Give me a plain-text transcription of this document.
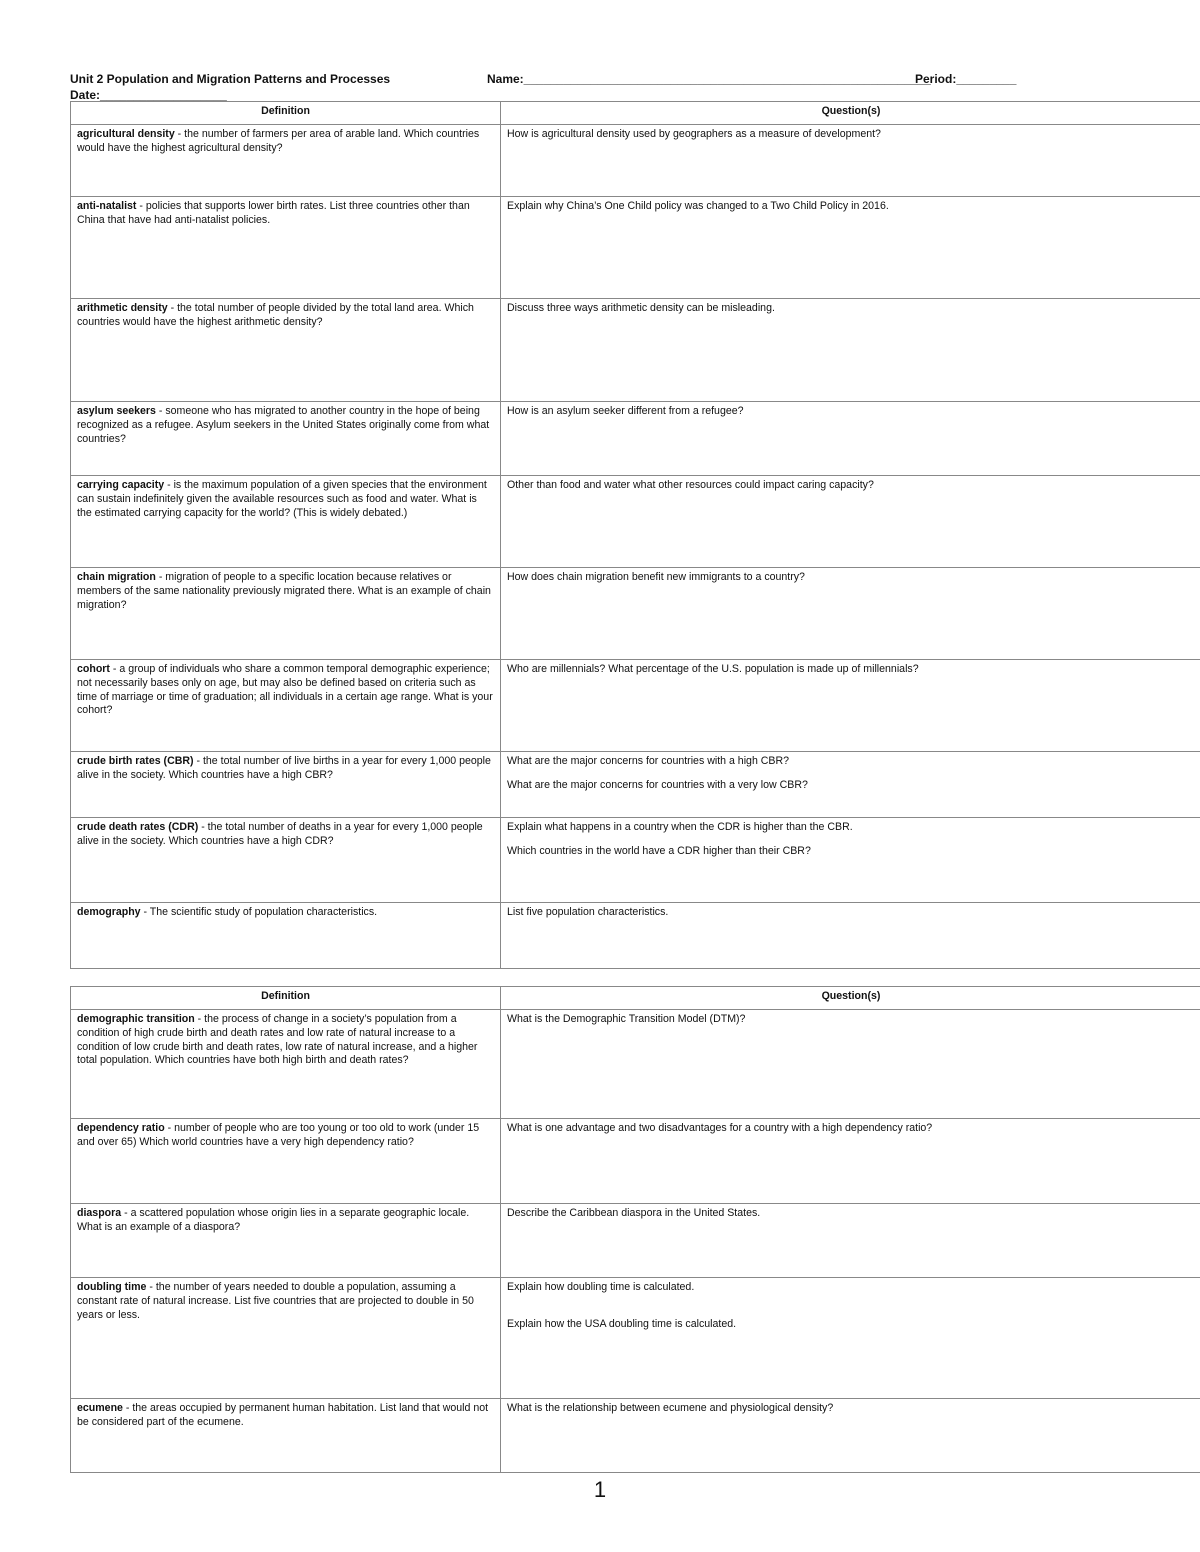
Unit 2 Population and Migration Patterns and Processes	Name:_____________________________________________________________
Period:_________
Date:___________________
Definition	Question(s)
agricultural density - the number of farmers per area of arable land. Which countries would have the highest agricultural density?	How is agricultural density used by geographers as a measure of development?

anti-natalist - policies that supports lower birth rates. List three countries other than China that have had anti-natalist policies.	Explain why China’s One Child policy was changed to a Two Child Policy in 2016.

arithmetic density - the total number of people divided by the total land area. Which countries would have the highest arithmetic density?	Discuss three ways arithmetic density can be misleading.

asylum seekers - someone who has migrated to another country in the hope of being recognized as a refugee. Asylum seekers in the United States originally come from what countries?	How is an asylum seeker different from a refugee?

carrying capacity - is the maximum population of a given species that the environment can sustain indefinitely given the available resources such as food and water. What is the estimated carrying capacity for the world? (This is widely debated.)	Other than food and water what other resources could impact caring capacity?

chain migration - migration of people to a specific location because relatives or members of the same nationality previously migrated there. What is an example of chain migration?	How does chain migration benefit new immigrants to a country?

cohort - a group of individuals who share a common temporal demographic experience; not necessarily bases only on age, but may also be defined based on criteria such as time of marriage or time of graduation; all individuals in a certain age range. What is your cohort?	Who are millennials? What percentage of the U.S. population is made up of millennials?

crude birth rates (CBR) - the total number of live births in a year for every 1,000 people alive in the society. Which countries have a high CBR?	What are the major concerns for countries with a high CBR?
What are the major concerns for countries with a very low CBR?

crude death rates (CDR) - the total number of deaths in a year for every 1,000 people alive in the society. Which countries have a high CDR?	Explain what happens in a country when the CDR is higher than the CBR.
Which countries in the world have a CDR higher than their CBR?

demography - The scientific study of population characteristics.	List five population characteristics.
Definition	Question(s)
demographic transition - the process of change in a society’s population from a condition of high crude birth and death rates and low rate of natural increase to a condition of low crude birth and death rates, low rate of natural increase, and a higher total population. Which countries have both high birth and death rates?	What is the Demographic Transition Model (DTM)?

dependency ratio - number of people who are too young or too old to work (under 15 and over 65) Which world countries have a very high dependency ratio?	What is one advantage and two disadvantages for a country with a high dependency ratio?

diaspora - a scattered population whose origin lies in a separate geographic locale. What is an example of a diaspora?	Describe the Caribbean diaspora in the United States.

doubling time - the number of years needed to double a population, assuming a constant rate of natural increase. List five countries that are projected to double in 50 years or less.	Explain how doubling time is calculated.
Explain how the USA doubling time is calculated.

ecumene - the areas occupied by permanent human habitation. List land that would not be considered part of the ecumene.	What is the relationship between ecumene and physiological density?
1
